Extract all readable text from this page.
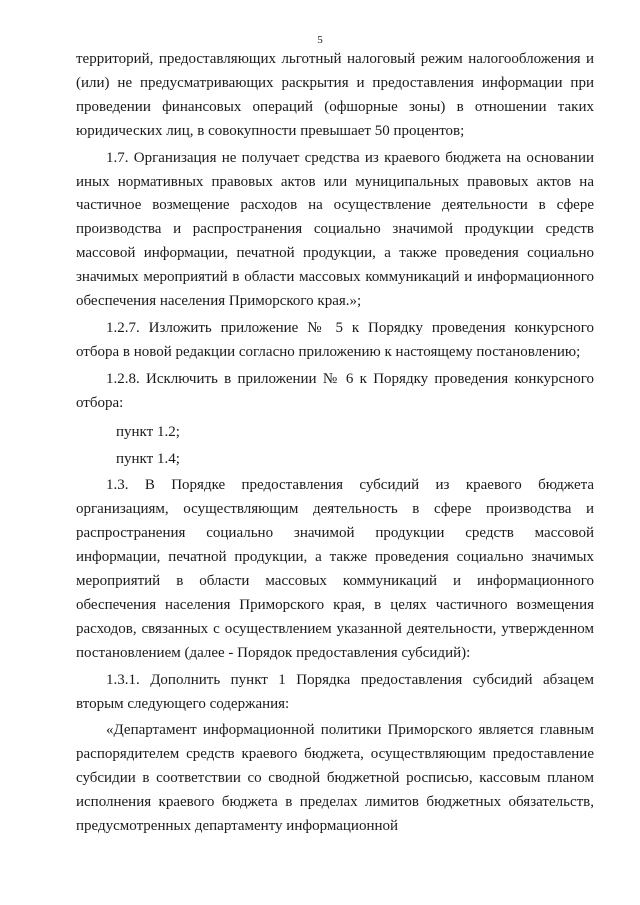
5

территорий, предоставляющих льготный налоговый режим налогообложения и (или) не предусматривающих раскрытия и предоставления информации при проведении финансовых операций (офшорные зоны) в отношении таких юридических лиц, в совокупности превышает 50 процентов;

1.7. Организация не получает средства из краевого бюджета на основании иных нормативных правовых актов или муниципальных правовых актов на частичное возмещение расходов на осуществление деятельности в сфере производства и распространения социально значимой продукции средств массовой информации, печатной продукции, а также проведения социально значимых мероприятий в области массовых коммуникаций и информационного обеспечения населения Приморского края.»;

1.2.7. Изложить приложение № 5 к Порядку проведения конкурсного отбора в новой редакции согласно приложению к настоящему постановлению;

1.2.8. Исключить в приложении № 6 к Порядку проведения конкурсного отбора:

пункт 1.2;

пункт 1.4;

1.3. В Порядке предоставления субсидий из краевого бюджета организациям, осуществляющим деятельность в сфере производства и распространения социально значимой продукции средств массовой информации, печатной продукции, а также проведения социально значимых мероприятий в области массовых коммуникаций и информационного обеспечения населения Приморского края, в целях частичного возмещения расходов, связанных с осуществлением указанной деятельности, утвержденном постановлением (далее - Порядок предоставления субсидий):

1.3.1. Дополнить пункт 1 Порядка предоставления субсидий абзацем вторым следующего содержания:

«Департамент информационной политики Приморского является главным распорядителем средств краевого бюджета, осуществляющим предоставление субсидии в соответствии со сводной бюджетной росписью, кассовым планом исполнения краевого бюджета в пределах лимитов бюджетных обязательств, предусмотренных департаменту информационной
